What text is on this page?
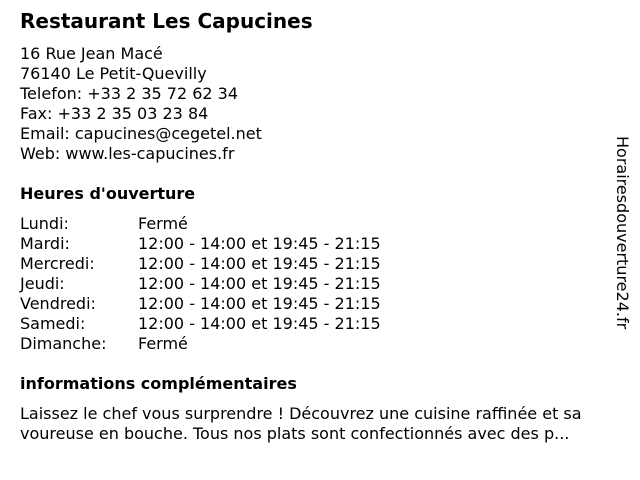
Restaurant Les Capucines
16 Rue Jean Macé
76140 Le Petit-Quevilly
Telefon: +33 2 35 72 62 34
Fax: +33 2 35 03 23 84
Email: capucines@cegetel.net
Web: www.les-capucines.fr
Heures d'ouverture
Lundi:	Fermé
Mardi:	12:00 - 14:00 et 19:45 - 21:15
Mercredi:	12:00 - 14:00 et 19:45 - 21:15
Jeudi:	12:00 - 14:00 et 19:45 - 21:15
Vendredi:	12:00 - 14:00 et 19:45 - 21:15
Samedi:	12:00 - 14:00 et 19:45 - 21:15
Dimanche:	Fermé
informations complémentaires
Laissez le chef vous surprendre ! Découvrez une cuisine raffinée et sa
voureuse en bouche. Tous nos plats sont confectionnés avec des p...
Horairesdouverture24.fr
